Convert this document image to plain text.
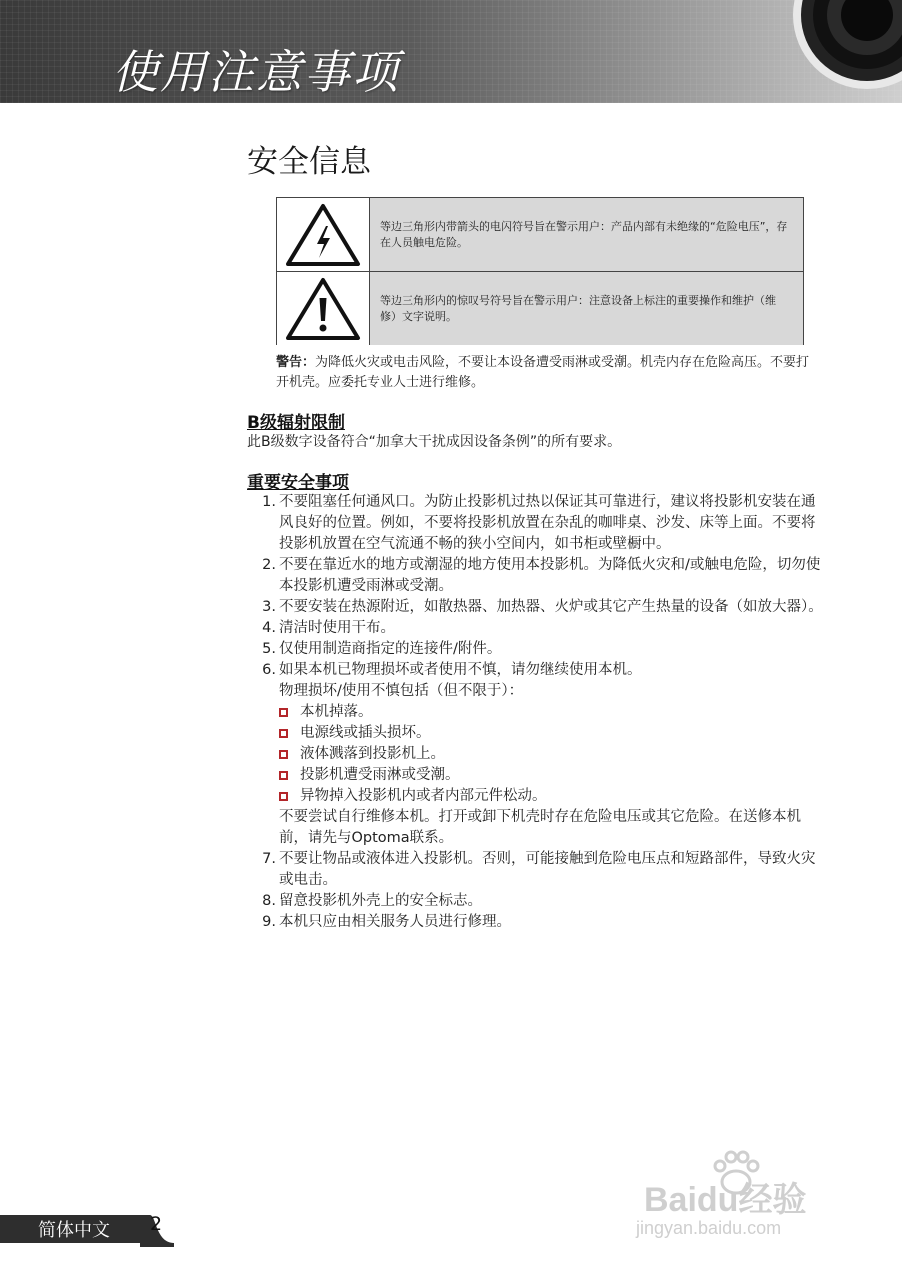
使用注意事项
安全信息
等边三角形内带箭头的电闪符号旨在警示用户：产品内部有未绝缘的“危险电压”，存在人员触电危险。
等边三角形内的惊叹号符号旨在警示用户：注意设备上标注的重要操作和维护（维修）文字说明。
警告：为降低火灾或电击风险，不要让本设备遭受雨淋或受潮。机壳内存在危险高压。不要打开机壳。应委托专业人士进行维修。
B级辐射限制
此B级数字设备符合“加拿大干扰成因设备条例”的所有要求。
重要安全事项
1. 不要阻塞任何通风口。为防止投影机过热以保证其可靠进行，建议将投影机安装在通风良好的位置。例如，不要将投影机放置在杂乱的咖啡桌、沙发、床等上面。不要将投影机放置在空气流通不畅的狭小空间内，如书柜或壁橱中。
2. 不要在靠近水的地方或潮湿的地方使用本投影机。为降低火灾和/或触电危险，切勿使本投影机遭受雨淋或受潮。
3. 不要安装在热源附近，如散热器、加热器、火炉或其它产生热量的设备（如放大器）。
4. 清洁时使用干布。
5. 仅使用制造商指定的连接件/附件。
6. 如果本机已物理损坏或者使用不慎，请勿继续使用本机。
物理损坏/使用不慎包括（但不限于）：
本机掉落。
电源线或插头损坏。
液体溅落到投影机上。
投影机遭受雨淋或受潮。
异物掉入投影机内或者内部元件松动。
不要尝试自行维修本机。打开或卸下机壳时存在危险电压或其它危险。在送修本机前，请先与Optoma联系。
7. 不要让物品或液体进入投影机。否则，可能接触到危险电压点和短路部件，导致火灾或电击。
8. 留意投影机外壳上的安全标志。
9. 本机只应由相关服务人员进行修理。
Baidu经验
jingyan.baidu.com
简体中文 2
